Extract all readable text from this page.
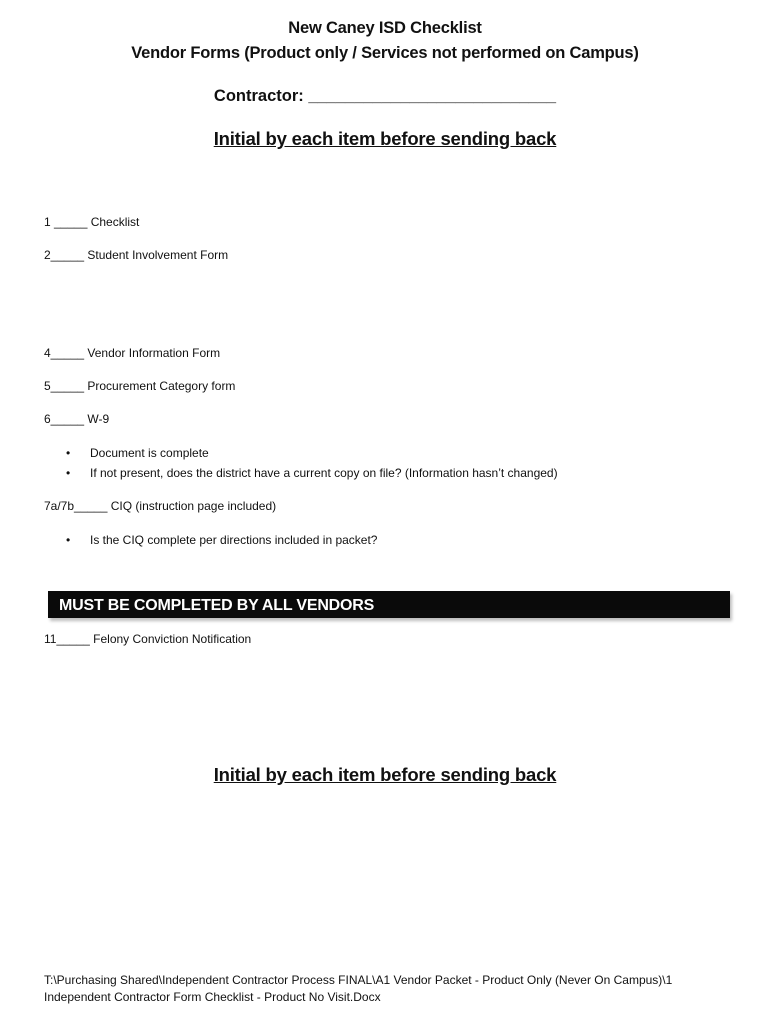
New Caney ISD Checklist
Vendor Forms (Product only / Services not performed on Campus)
Contractor: ___________________________
Initial by each item before sending back
1 _____ Checklist
2_____ Student Involvement Form
4_____ Vendor Information Form
5_____ Procurement Category form
6_____ W-9
• Document is complete
• If not present, does the district have a current copy on file? (Information hasn’t changed)
7a/7b_____ CIQ (instruction page included)
• Is the CIQ complete per directions included in packet?
MUST BE COMPLETED BY ALL VENDORS
11_____ Felony Conviction Notification
Initial by each item before sending back
T:\Purchasing Shared\Independent Contractor Process FINAL\A1 Vendor Packet - Product Only (Never On Campus)\1
Independent Contractor Form Checklist - Product No Visit.Docx
